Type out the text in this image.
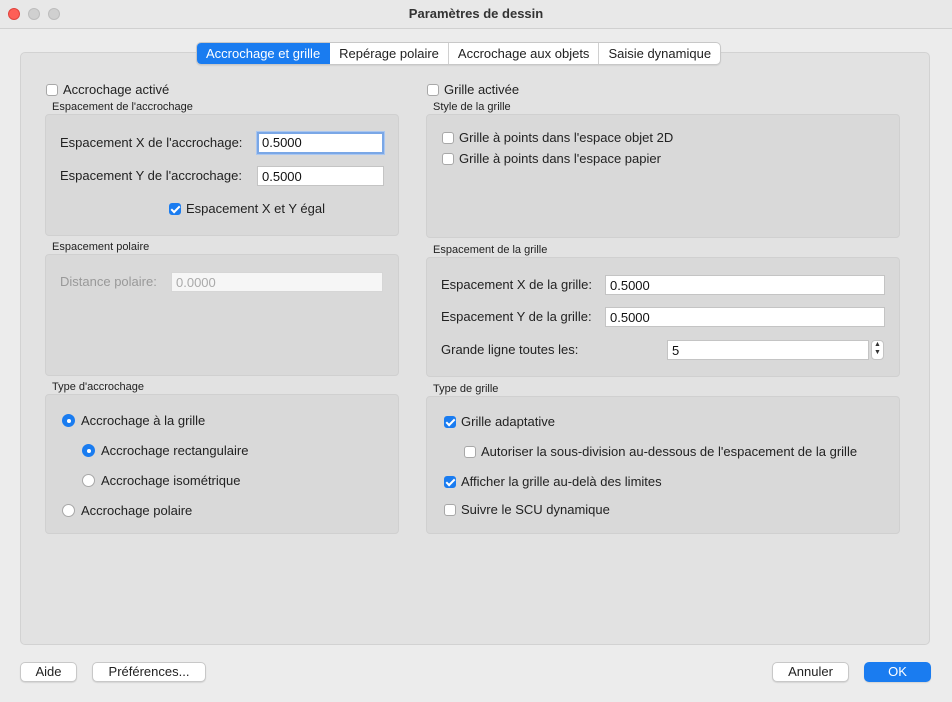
Paramètres de dessin
Accrochage et grille	Repérage polaire	Accrochage aux objets	Saisie dynamique
Accrochage activé
Espacement de l'accrochage
Espacement X de l'accrochage:	0.5000
Espacement Y de l'accrochage:	0.5000
Espacement X et Y égal
Espacement polaire
Distance polaire:	0.0000
Type d'accrochage
Accrochage à la grille
Accrochage rectangulaire
Accrochage isométrique
Accrochage polaire
Grille activée
Style de la grille
Grille à points dans l'espace objet 2D
Grille à points dans l'espace papier
Espacement de la grille
Espacement X de la grille:	0.5000
Espacement Y de la grille:	0.5000
Grande ligne toutes les:	5	▲
▼
Type de grille
Grille adaptative
Autoriser la sous-division au-dessous de l'espacement de la grille
Afficher la grille au-delà des limites
Suivre le SCU dynamique
Aide	Préférences...	Annuler	OK
